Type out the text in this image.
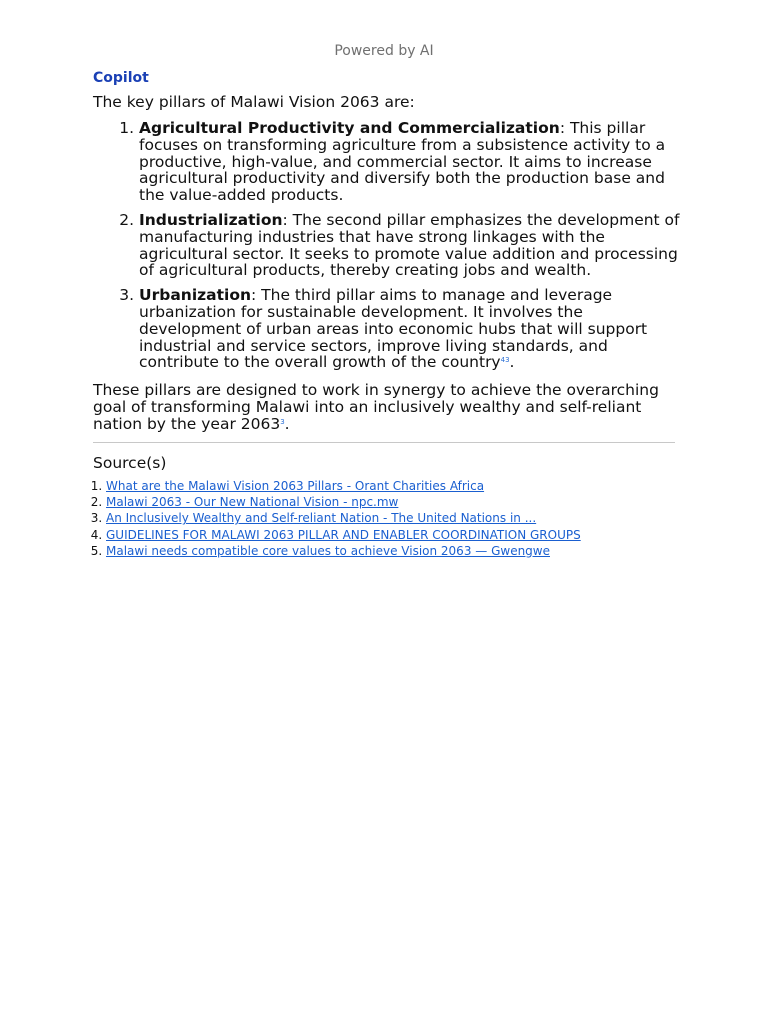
Powered by AI
Copilot
The key pillars of Malawi Vision 2063 are:
1. Agricultural Productivity and Commercialization: This pillar focuses on transforming agriculture from a subsistence activity to a productive, high-value, and commercial sector. It aims to increase agricultural productivity and diversify both the production base and the value-added products.
2. Industrialization: The second pillar emphasizes the development of manufacturing industries that have strong linkages with the agricultural sector. It seeks to promote value addition and processing of agricultural products, thereby creating jobs and wealth.
3. Urbanization: The third pillar aims to manage and leverage urbanization for sustainable development. It involves the development of urban areas into economic hubs that will support industrial and service sectors, improve living standards, and contribute to the overall growth of the country$^{43}$.
These pillars are designed to work in synergy to achieve the overarching goal of transforming Malawi into an inclusively wealthy and self-reliant nation by the year 2063$^3$.
Source(s)
1. What are the Malawi Vision 2063 Pillars - Orant Charities Africa
2. Malawi 2063 - Our New National Vision - npc.mw
3. An Inclusively Wealthy and Self-reliant Nation - The United Nations in ...
4. GUIDELINES FOR MALAWI 2063 PILLAR AND ENABLER COORDINATION GROUPS
5. Malawi needs compatible core values to achieve Vision 2063 — Gwengwe
